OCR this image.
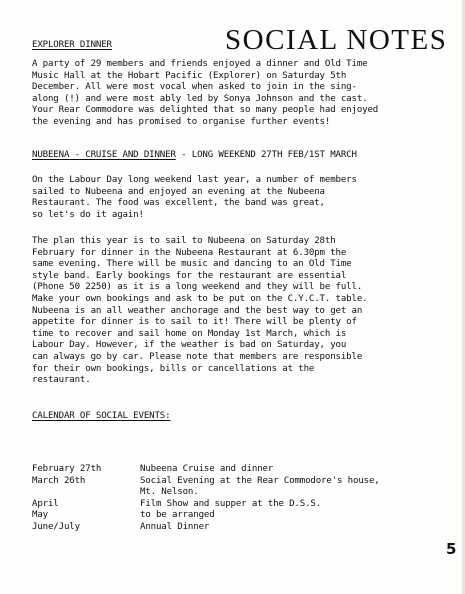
SOCIAL NOTES
EXPLORER DINNER
A party of 29 members and friends enjoyed a dinner and Old Time
Music Hall at the Hobart Pacific (Explorer) on Saturday 5th
December. All were most vocal when asked to join in the sing-
along (!) and were most ably led by Sonya Johnson and the cast.
Your Rear Commodore was delighted that so many people had enjoyed
the evening and has promised to organise further events!
NUBEENA - CRUISE AND DINNER - LONG WEEKEND 27TH FEB/1ST MARCH
On the Labour Day long weekend last year, a number of members
sailed to Nubeena and enjoyed an evening at the Nubeena
Restaurant. The food was excellent, the band was great,
so let's do it again!
The plan this year is to sail to Nubeena on Saturday 28th
February for dinner in the Nubeena Restaurant at 6.30pm the
same evening. There will be music and dancing to an Old Time
style band. Early bookings for the restaurant are essential
(Phone 50 2250) as it is a long weekend and they will be full.
Make your own bookings and ask to be put on the C.Y.C.T. table.
Nubeena is an all weather anchorage and the best way to get an
appetite for dinner is to sail to it! There will be plenty of
time to recover and sail home on Monday 1st March, which is
Labour Day. However, if the weather is bad on Saturday, you
can always go by car. Please note that members are responsible
for their own bookings, bills or cancellations at the
restaurant.
CALENDAR OF SOCIAL EVENTS:
February 27th	Nubeena Cruise and dinner
March 26th	Social Evening at the Rear Commodore's house,
Mt. Nelson.
April	Film Show and supper at the D.S.S.
May	to be arranged
June/July	Annual Dinner
5
